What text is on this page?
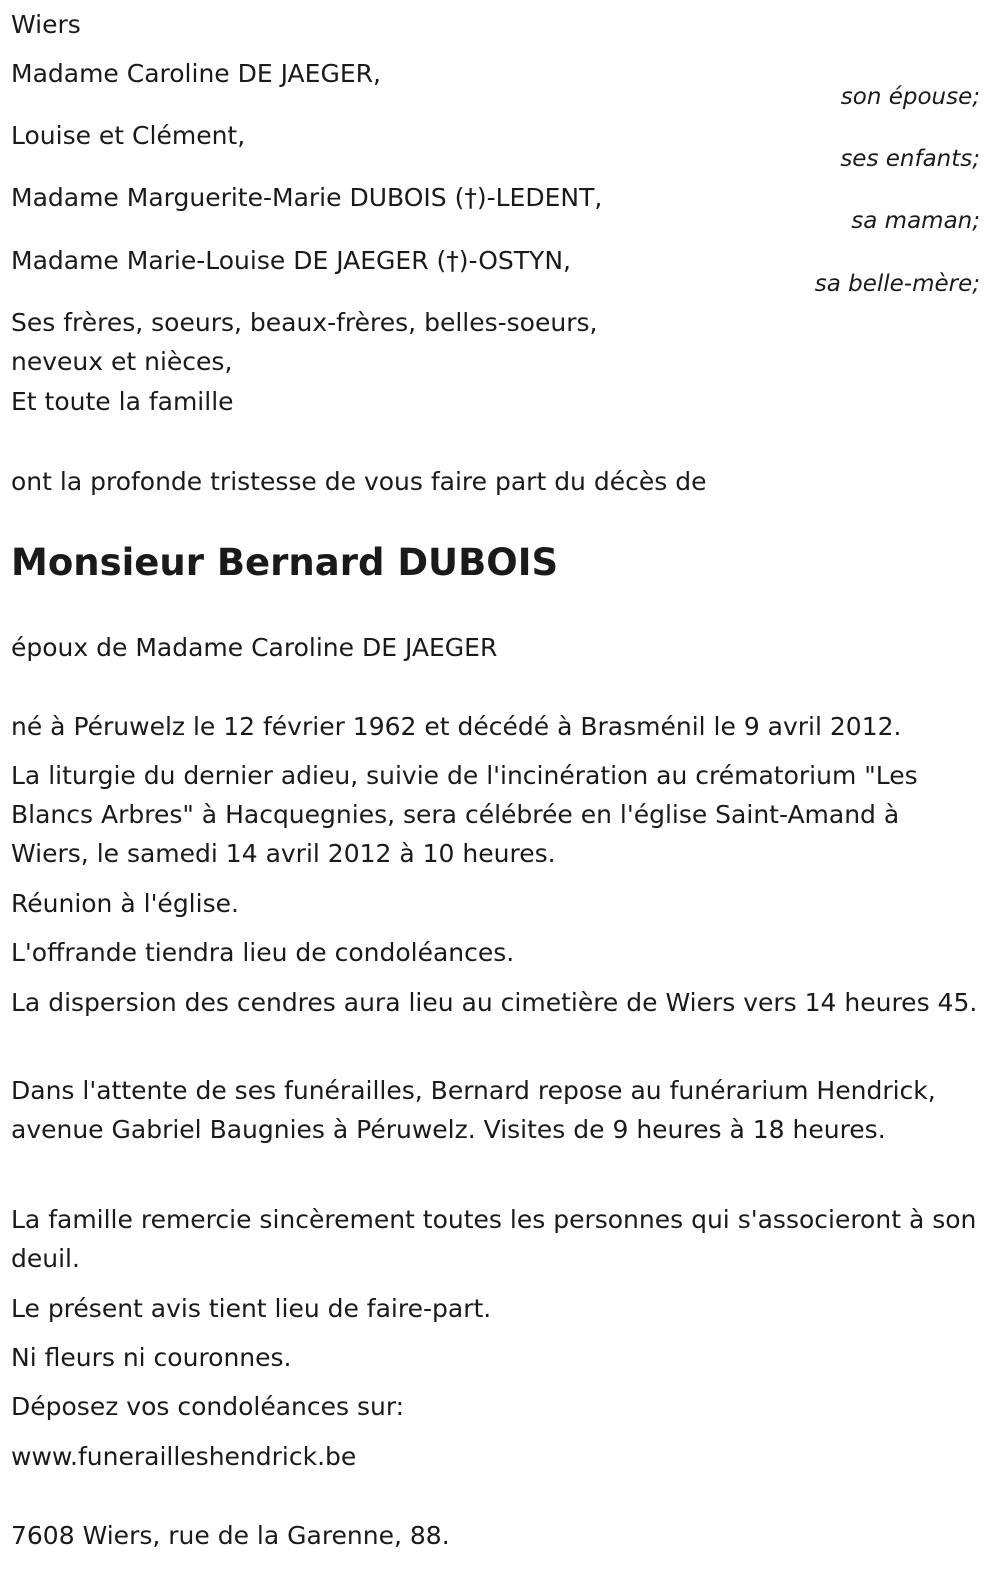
Wiers

Madame Caroline DE JAEGER,

son épouse;

Louise et Clément,

ses enfants;

Madame Marguerite-Marie DUBOIS (†)-LEDENT,

sa maman;

Madame Marie-Louise DE JAEGER (†)-OSTYN,

sa belle-mère;

Ses frères, soeurs, beaux-frères, belles-soeurs,

neveux et nièces,

Et toute la famille

ont la profonde tristesse de vous faire part du décès de

Monsieur Bernard DUBOIS

époux de Madame Caroline DE JAEGER

né à Péruwelz le 12 février 1962 et décédé à Brasménil le 9 avril 2012.

La liturgie du dernier adieu, suivie de l'incinération au crématorium "Les Blancs Arbres" à Hacquegnies, sera célébrée en l'église Saint-Amand à Wiers, le samedi 14 avril 2012 à 10 heures.

Réunion à l'église.

L'offrande tiendra lieu de condoléances.

La dispersion des cendres aura lieu au cimetière de Wiers vers 14 heures 45.

Dans l'attente de ses funérailles, Bernard repose au funérarium Hendrick, avenue Gabriel Baugnies à Péruwelz. Visites de 9 heures à 18 heures.

La famille remercie sincèrement toutes les personnes qui s'associeront à son deuil.

Le présent avis tient lieu de faire-part.

Ni fleurs ni couronnes.

Déposez vos condoléances sur:

www.funerailleshendrick.be

7608 Wiers, rue de la Garenne, 88.
